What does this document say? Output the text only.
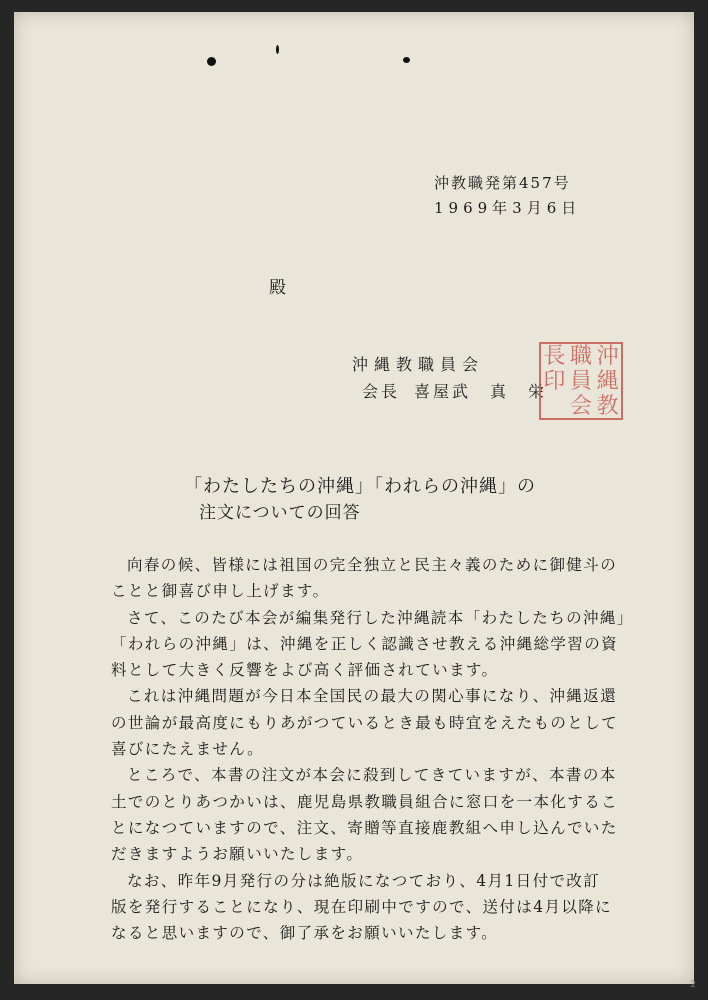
沖教職発第457号
1969年3月6日
殿
沖縄教職員会
会長 喜屋武　真　栄
長 職 沖
印 員 縄
会 教
「わたしたちの沖縄」「われらの沖縄」の
注文についての回答
向春の候、皆様には祖国の完全独立と民主々義のために御健斗の
ことと御喜び申し上げます。
さて、このたび本会が編集発行した沖縄読本「わたしたちの沖縄」
「われらの沖縄」は、沖縄を正しく認識させ教える沖縄総学習の資
料として大きく反響をよび高く評価されています。
これは沖縄問題が今日本全国民の最大の関心事になり、沖縄返還
の世論が最高度にもりあがつているとき最も時宜をえたものとして
喜びにたえません。
ところで、本書の注文が本会に殺到してきていますが、本書の本
土でのとりあつかいは、鹿児島県教職員組合に窓口を一本化するこ
とになつていますので、注文、寄贈等直接鹿教組へ申し込んでいた
だきますようお願いいたします。
なお、昨年9月発行の分は絶版になつており、4月1日付で改訂
版を発行することになり、現在印刷中ですので、送付は4月以降に
なると思いますので、御了承をお願いいたします。
2
